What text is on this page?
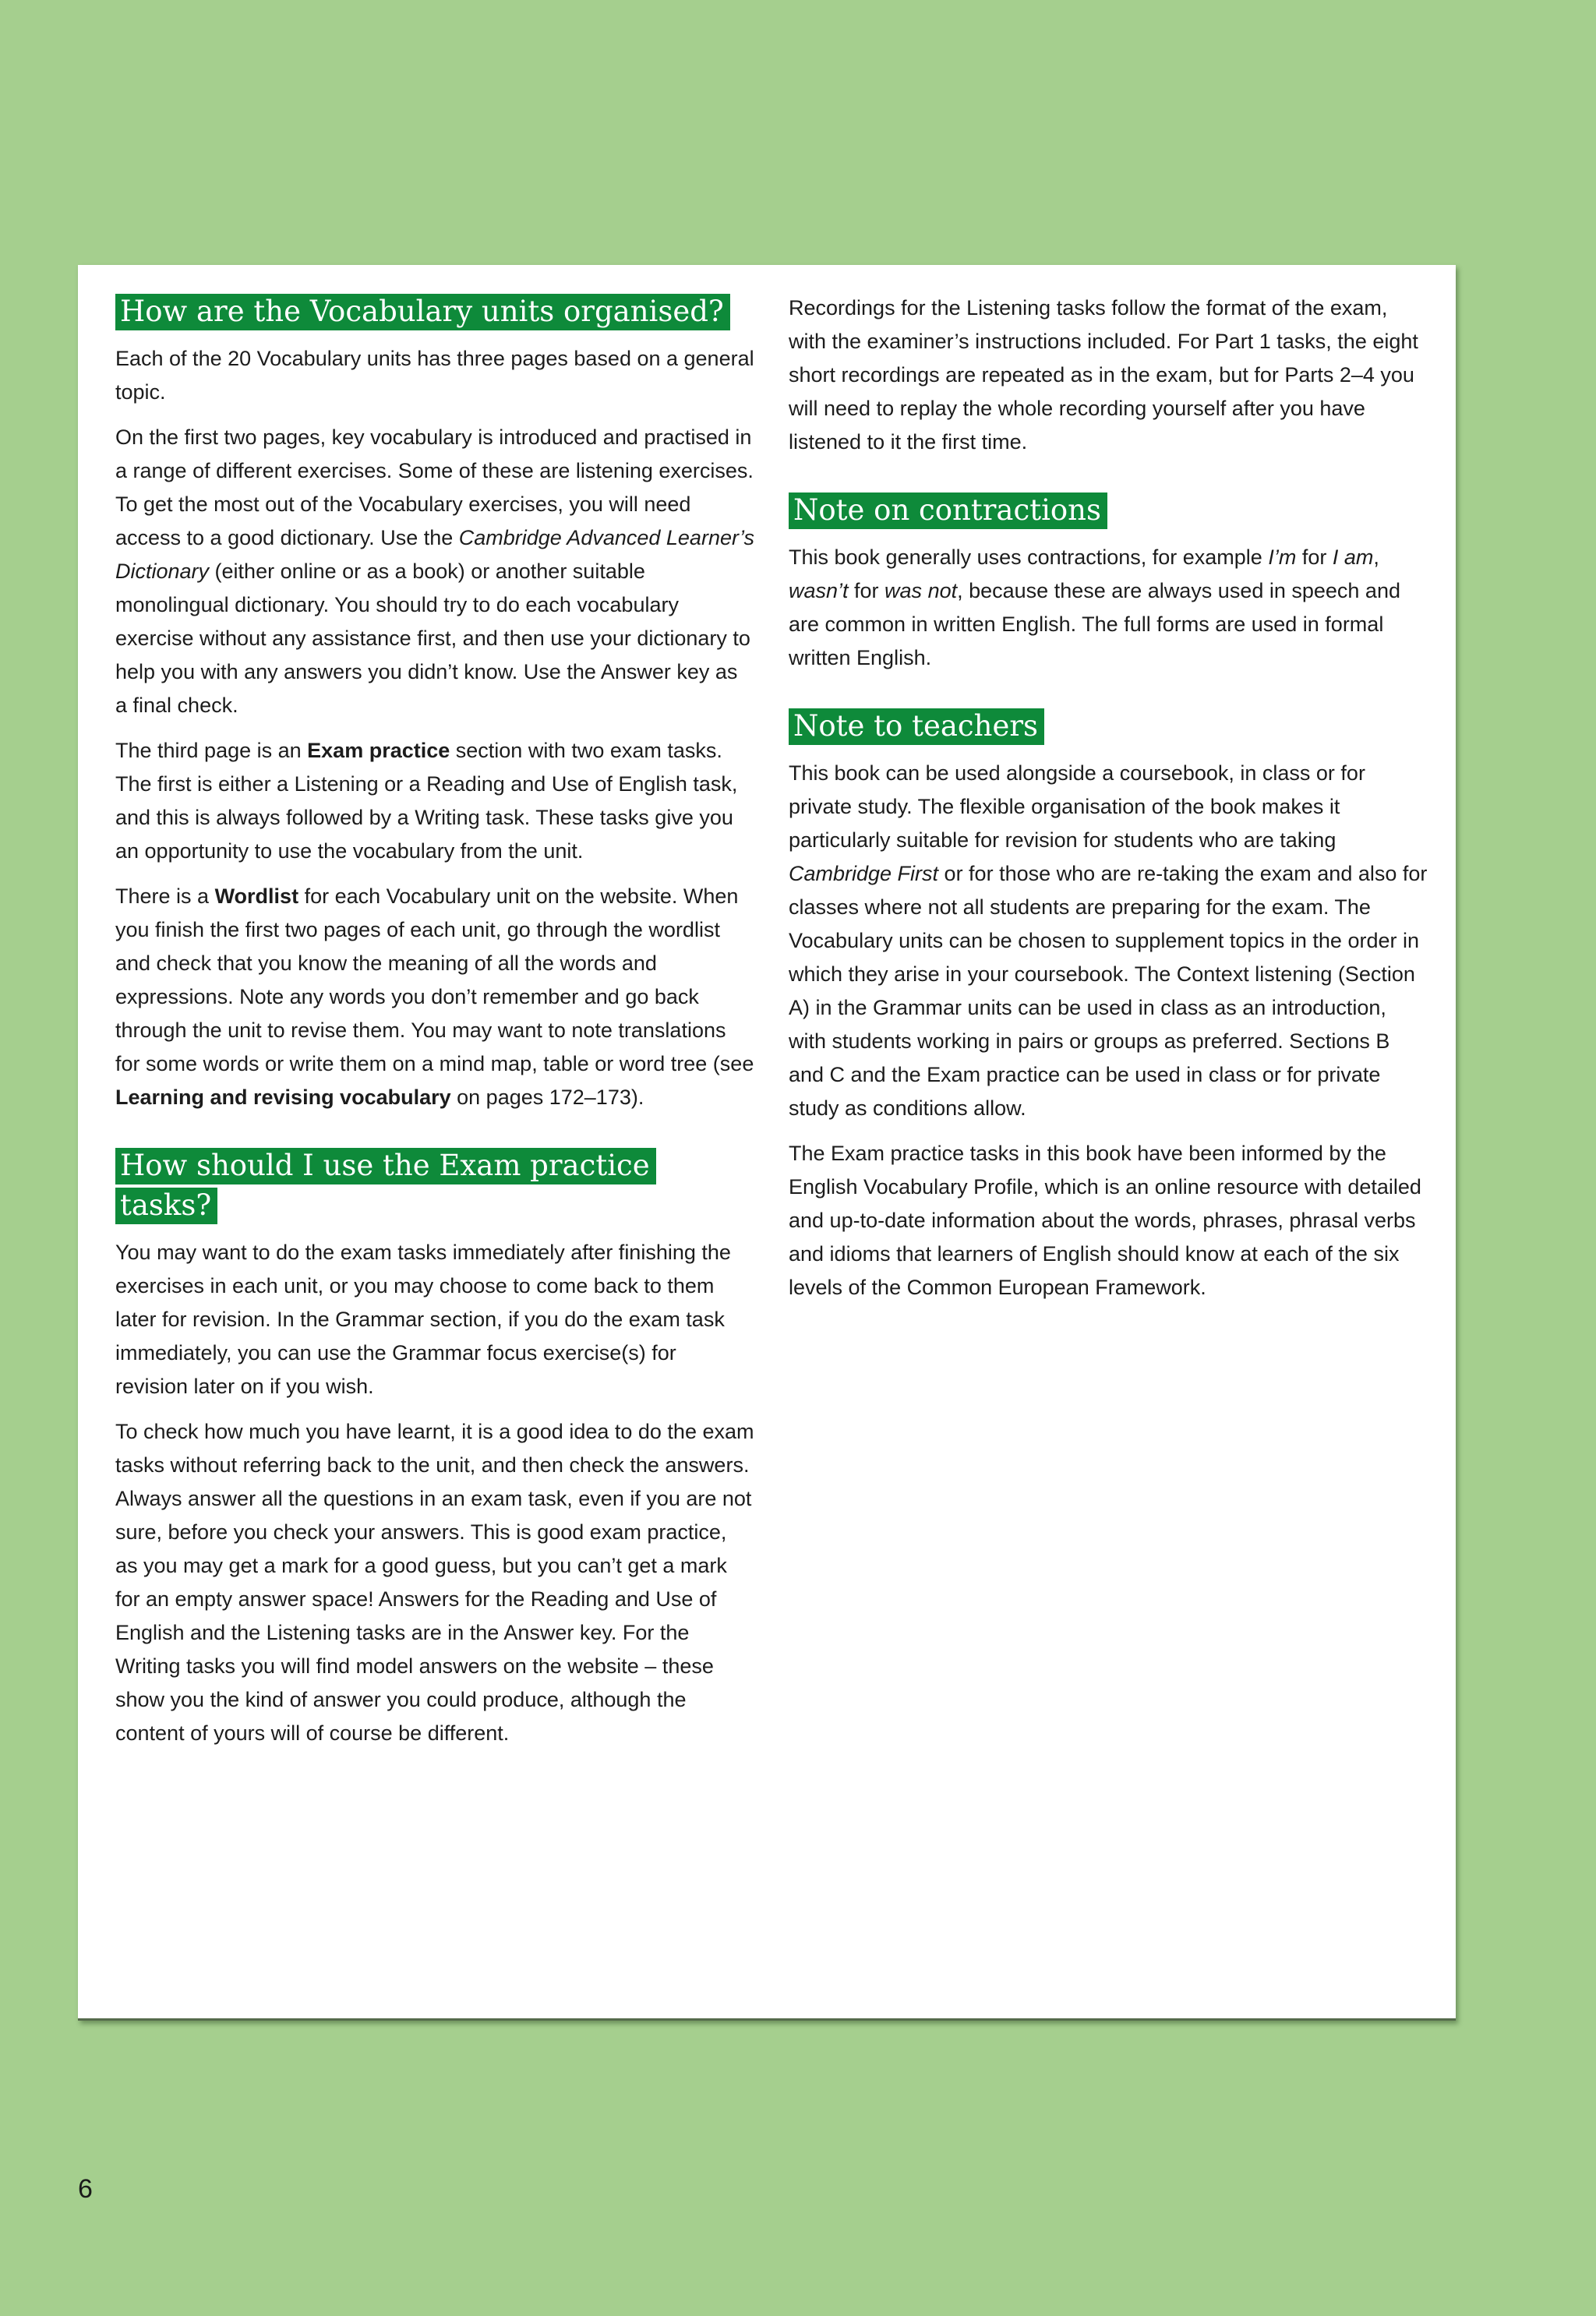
How are the Vocabulary units organised?

Each of the 20 Vocabulary units has three pages based on a general topic.

On the first two pages, key vocabulary is introduced and practised in a range of different exercises. Some of these are listening exercises. To get the most out of the Vocabulary exercises, you will need access to a good dictionary. Use the Cambridge Advanced Learner’s Dictionary (either online or as a book) or another suitable monolingual dictionary. You should try to do each vocabulary exercise without any assistance first, and then use your dictionary to help you with any answers you didn’t know. Use the Answer key as a final check.

The third page is an Exam practice section with two exam tasks. The first is either a Listening or a Reading and Use of English task, and this is always followed by a Writing task. These tasks give you an opportunity to use the vocabulary from the unit.

There is a Wordlist for each Vocabulary unit on the website. When you finish the first two pages of each unit, go through the wordlist and check that you know the meaning of all the words and expressions. Note any words you don’t remember and go back through the unit to revise them. You may want to note translations for some words or write them on a mind map, table or word tree (see Learning and revising vocabulary on pages 172–173).

How should I use the Exam practice tasks?

You may want to do the exam tasks immediately after finishing the exercises in each unit, or you may choose to come back to them later for revision. In the Grammar section, if you do the exam task immediately, you can use the Grammar focus exercise(s) for revision later on if you wish.

To check how much you have learnt, it is a good idea to do the exam tasks without referring back to the unit, and then check the answers. Always answer all the questions in an exam task, even if you are not sure, before you check your answers. This is good exam practice, as you may get a mark for a good guess, but you can’t get a mark for an empty answer space! Answers for the Reading and Use of English and the Listening tasks are in the Answer key. For the Writing tasks you will find model answers on the website – these show you the kind of answer you could produce, although the content of yours will of course be different.

Recordings for the Listening tasks follow the format of the exam, with the examiner’s instructions included. For Part 1 tasks, the eight short recordings are repeated as in the exam, but for Parts 2–4 you will need to replay the whole recording yourself after you have listened to it the first time.

Note on contractions

This book generally uses contractions, for example I’m for I am, wasn’t for was not, because these are always used in speech and are common in written English. The full forms are used in formal written English.

Note to teachers

This book can be used alongside a coursebook, in class or for private study. The flexible organisation of the book makes it particularly suitable for revision for students who are taking Cambridge First or for those who are re-taking the exam and also for classes where not all students are preparing for the exam. The Vocabulary units can be chosen to supplement topics in the order in which they arise in your coursebook. The Context listening (Section A) in the Grammar units can be used in class as an introduction, with students working in pairs or groups as preferred. Sections B and C and the Exam practice can be used in class or for private study as conditions allow.

The Exam practice tasks in this book have been informed by the English Vocabulary Profile, which is an online resource with detailed and up-to-date information about the words, phrases, phrasal verbs and idioms that learners of English should know at each of the six levels of the Common European Framework.

6
